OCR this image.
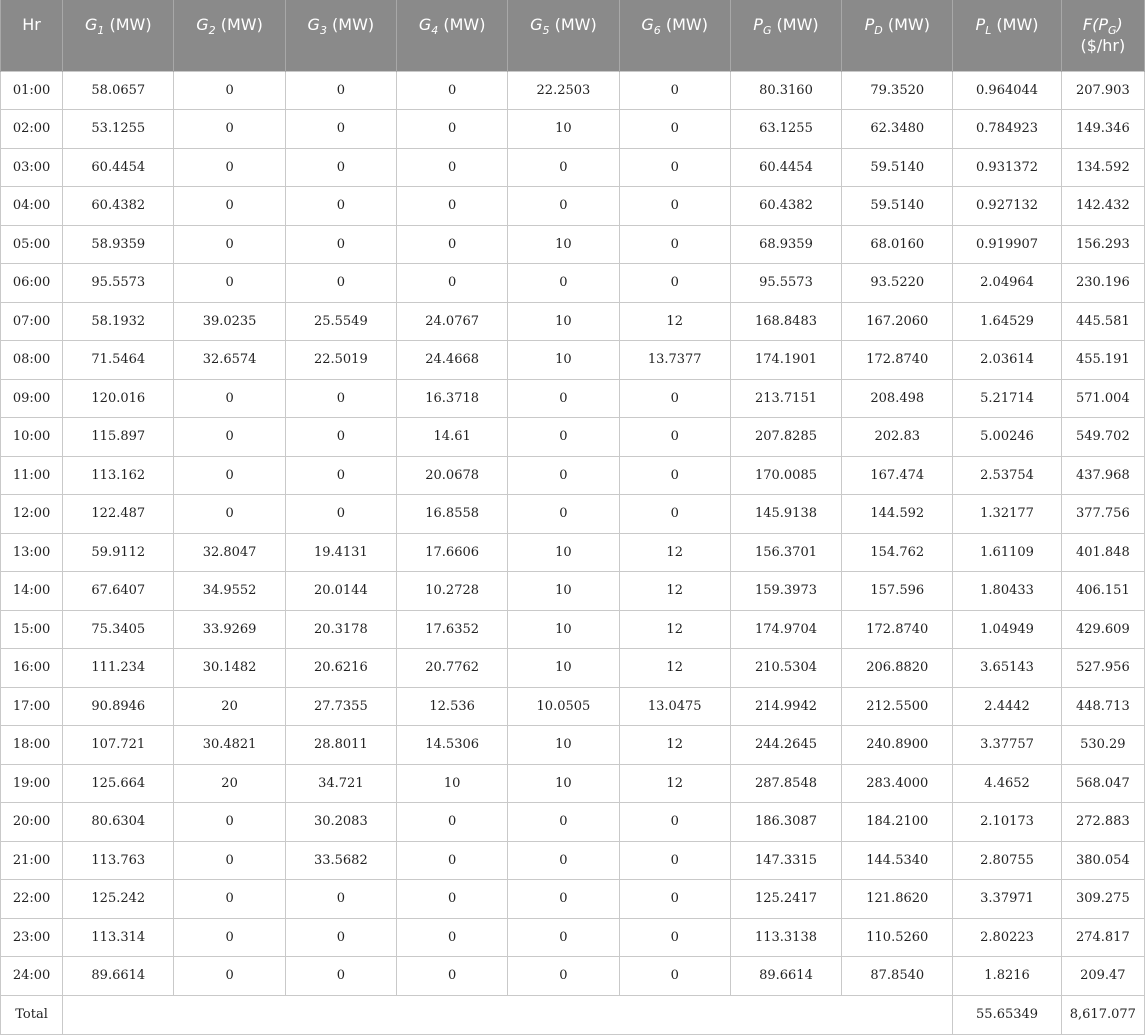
Hr	$G_1$ (MW)	$G_2$ (MW)	$G_3$ (MW)	$G_4$ (MW)	$G_5$ (MW)	$G_6$ (MW)	$P_G$ (MW)	$P_D$ (MW)	$P_L$ (MW)	$F(P_G)$
($/hr)
01:00	58.0657	0	0	0	22.2503	0	80.3160	79.3520	0.964044	207.903
02:00	53.1255	0	0	0	10	0	63.1255	62.3480	0.784923	149.346
03:00	60.4454	0	0	0	0	0	60.4454	59.5140	0.931372	134.592
04:00	60.4382	0	0	0	0	0	60.4382	59.5140	0.927132	142.432
05:00	58.9359	0	0	0	10	0	68.9359	68.0160	0.919907	156.293
06:00	95.5573	0	0	0	0	0	95.5573	93.5220	2.04964	230.196
07:00	58.1932	39.0235	25.5549	24.0767	10	12	168.8483	167.2060	1.64529	445.581
08:00	71.5464	32.6574	22.5019	24.4668	10	13.7377	174.1901	172.8740	2.03614	455.191
09:00	120.016	0	0	16.3718	0	0	213.7151	208.498	5.21714	571.004
10:00	115.897	0	0	14.61	0	0	207.8285	202.83	5.00246	549.702
11:00	113.162	0	0	20.0678	0	0	170.0085	167.474	2.53754	437.968
12:00	122.487	0	0	16.8558	0	0	145.9138	144.592	1.32177	377.756
13:00	59.9112	32.8047	19.4131	17.6606	10	12	156.3701	154.762	1.61109	401.848
14:00	67.6407	34.9552	20.0144	10.2728	10	12	159.3973	157.596	1.80433	406.151
15:00	75.3405	33.9269	20.3178	17.6352	10	12	174.9704	172.8740	1.04949	429.609
16:00	111.234	30.1482	20.6216	20.7762	10	12	210.5304	206.8820	3.65143	527.956
17:00	90.8946	20	27.7355	12.536	10.0505	13.0475	214.9942	212.5500	2.4442	448.713
18:00	107.721	30.4821	28.8011	14.5306	10	12	244.2645	240.8900	3.37757	530.29
19:00	125.664	20	34.721	10	10	12	287.8548	283.4000	4.4652	568.047
20:00	80.6304	0	30.2083	0	0	0	186.3087	184.2100	2.10173	272.883
21:00	113.763	0	33.5682	0	0	0	147.3315	144.5340	2.80755	380.054
22:00	125.242	0	0	0	0	0	125.2417	121.8620	3.37971	309.275
23:00	113.314	0	0	0	0	0	113.3138	110.5260	2.80223	274.817
24:00	89.6614	0	0	0	0	0	89.6614	87.8540	1.8216	209.47
Total									55.65349	8,617.077
